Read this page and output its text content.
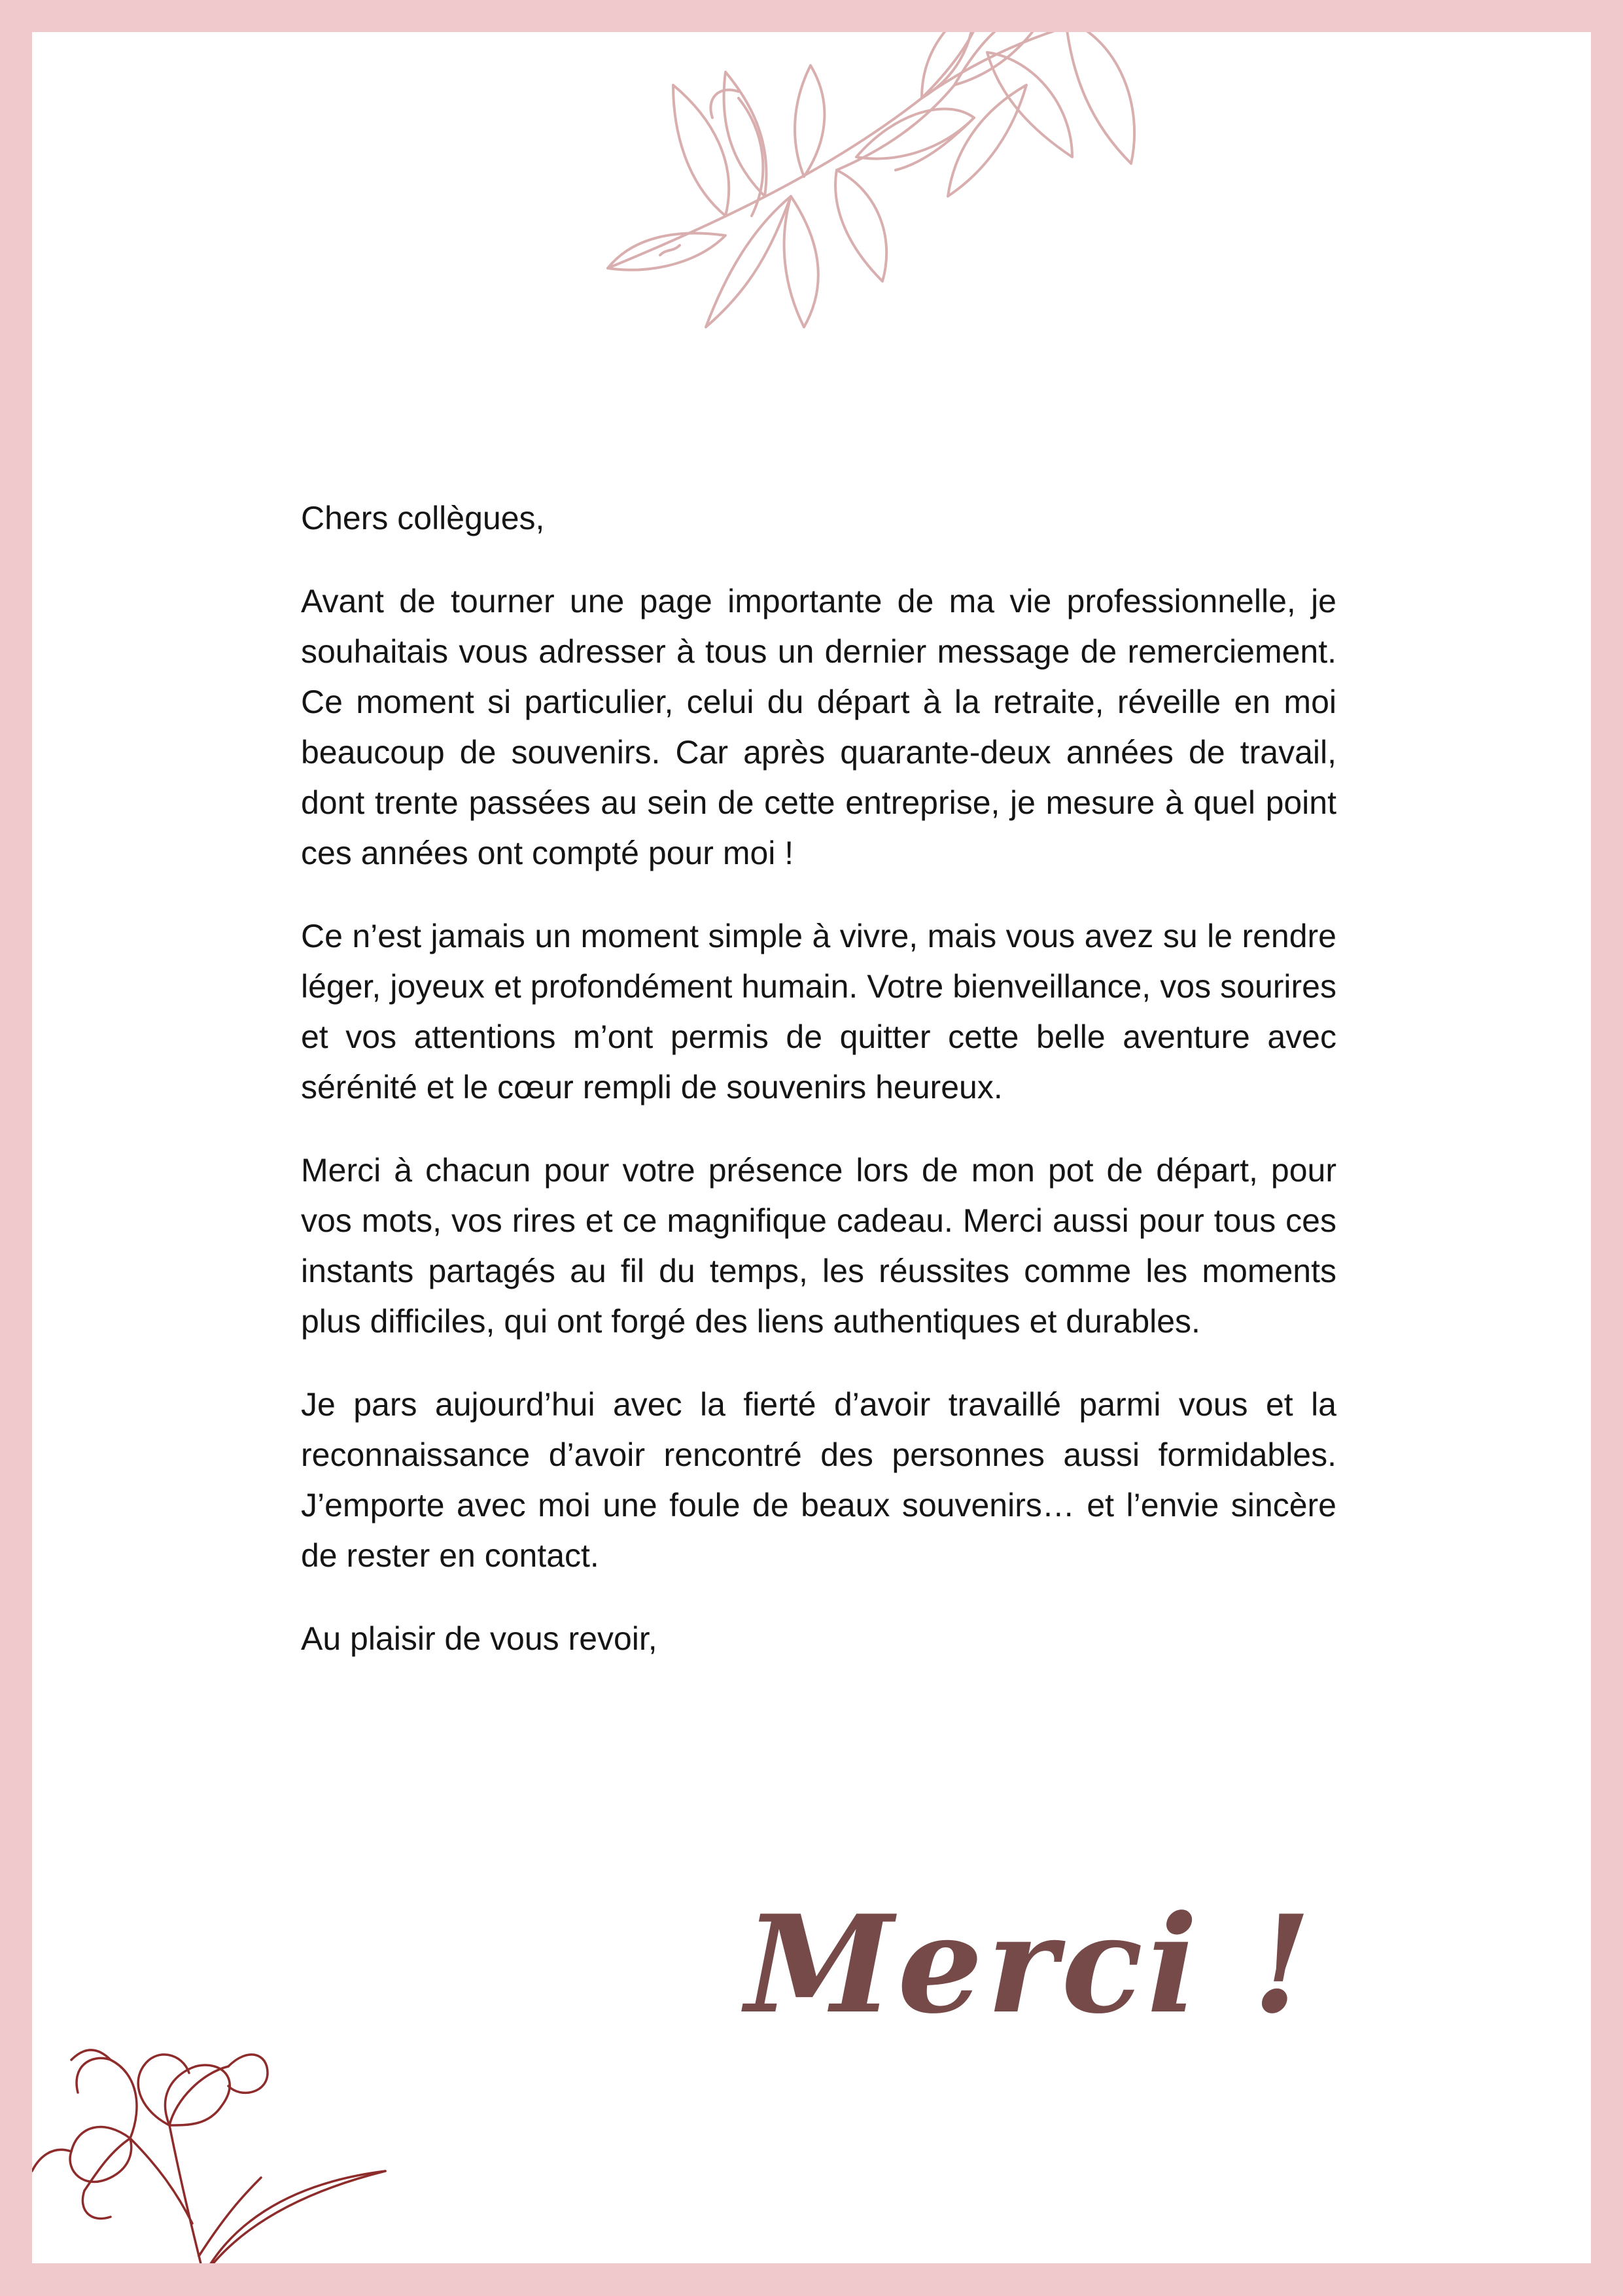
Chers collègues,

Avant de tourner une page importante de ma vie professionnelle, je souhaitais vous adresser à tous un dernier message de remerciement. Ce moment si particulier, celui du départ à la retraite, réveille en moi beaucoup de souvenirs. Car après quarante-deux années de travail, dont trente passées au sein de cette entreprise, je mesure à quel point ces années ont compté pour moi !

Ce n’est jamais un moment simple à vivre, mais vous avez su le rendre léger, joyeux et profondément humain. Votre bienveillance, vos sourires et vos attentions m’ont permis de quitter cette belle aventure avec sérénité et le cœur rempli de souvenirs heureux.

Merci à chacun pour votre présence lors de mon pot de départ, pour vos mots, vos rires et ce magnifique cadeau. Merci aussi pour tous ces instants partagés au fil du temps, les réussites comme les moments plus difficiles, qui ont forgé des liens authentiques et durables.

Je pars aujourd’hui avec la fierté d’avoir travaillé parmi vous et la reconnaissance d’avoir rencontré des personnes aussi formidables. J’emporte avec moi une foule de beaux souvenirs… et l’envie sincère de rester en contact.

Au plaisir de vous revoir,

Merci !
